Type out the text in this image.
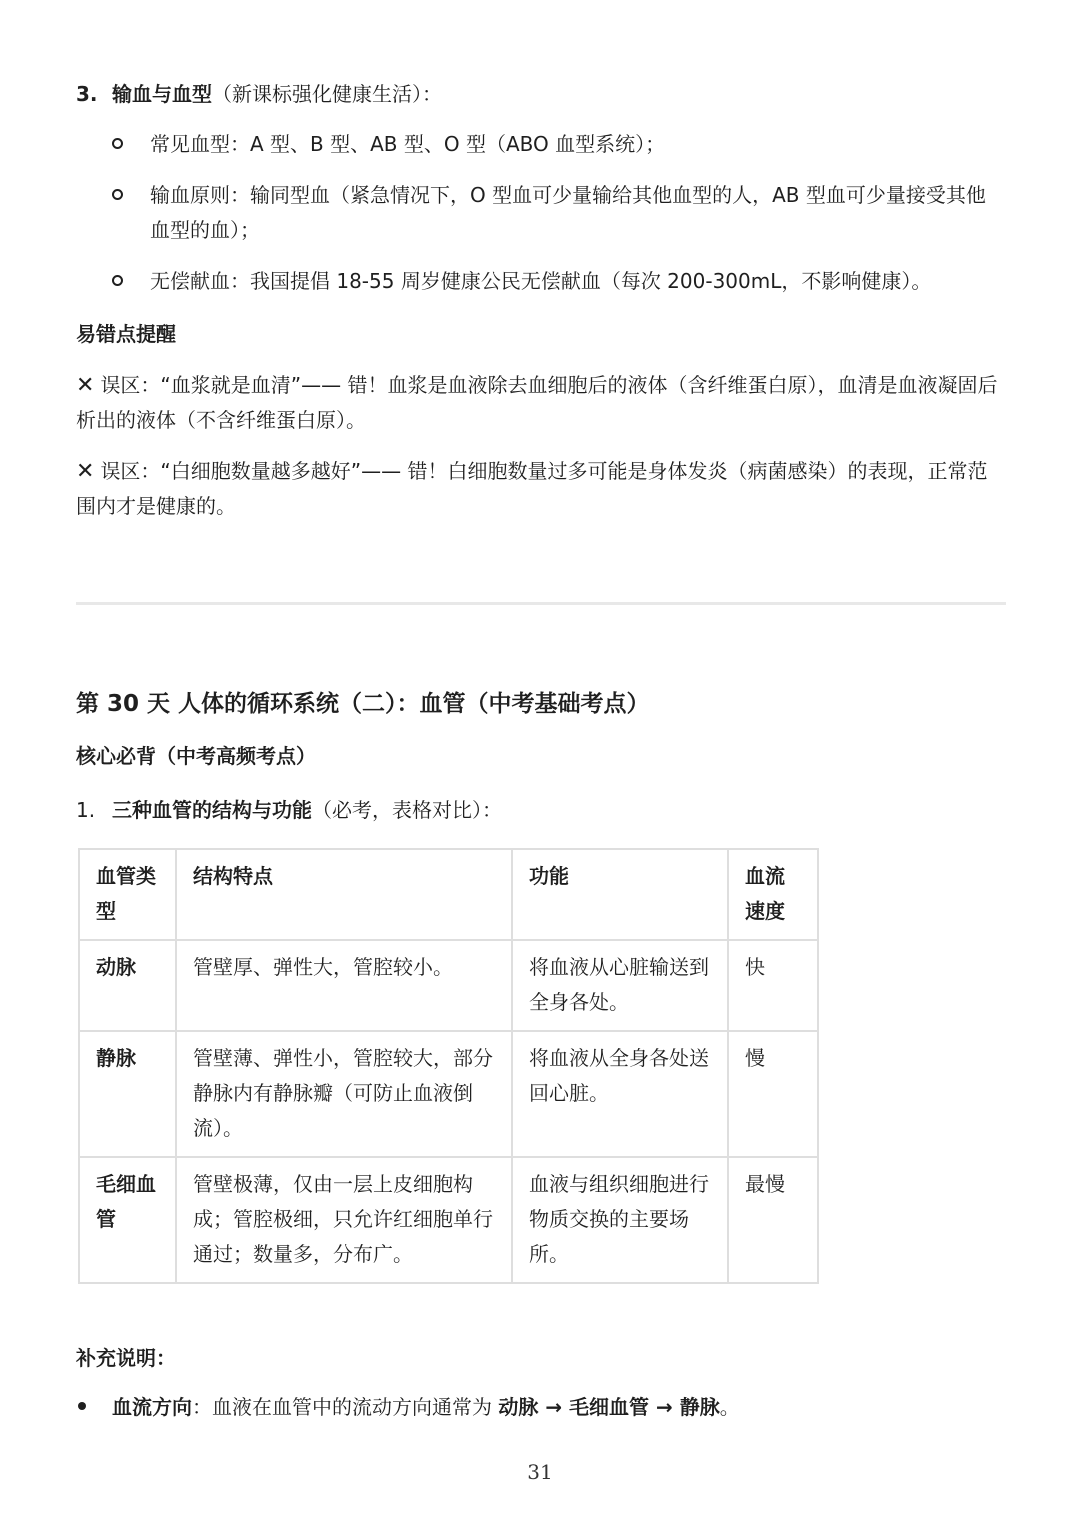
3. 输血与血型（新课标强化健康生活）：
常见血型：A 型、B 型、AB 型、O 型（ABO 血型系统）；
输血原则：输同型血（紧急情况下，O 型血可少量输给其他血型的人，AB 型血可少量接受其他血型的血）；
无偿献血：我国提倡 18-55 周岁健康公民无偿献血（每次 200-300mL，不影响健康）。
易错点提醒
✕ 误区：“血浆就是血清”—— 错！血浆是血液除去血细胞后的液体（含纤维蛋白原），血清是血液凝固后析出的液体（不含纤维蛋白原）。
✕ 误区：“白细胞数量越多越好”—— 错！白细胞数量过多可能是身体发炎（病菌感染）的表现，正常范围内才是健康的。
第 30 天 人体的循环系统（二）：血管（中考基础考点）
核心必背（中考高频考点）
1. 三种血管的结构与功能（必考，表格对比）：
血管类型	结构特点	功能	血流速度
动脉	管壁厚、弹性大，管腔较小。	将血液从心脏输送到全身各处。	快
静脉	管壁薄、弹性小，管腔较大，部分静脉内有静脉瓣（可防止血液倒流）。	将血液从全身各处送回心脏。	慢
毛细血管	管壁极薄，仅由一层上皮细胞构成；管腔极细，只允许红细胞单行通过；数量多，分布广。	血液与组织细胞进行物质交换的主要场所。	最慢
补充说明：
血流方向：血液在血管中的流动方向通常为 动脉 → 毛细血管 → 静脉。
31
